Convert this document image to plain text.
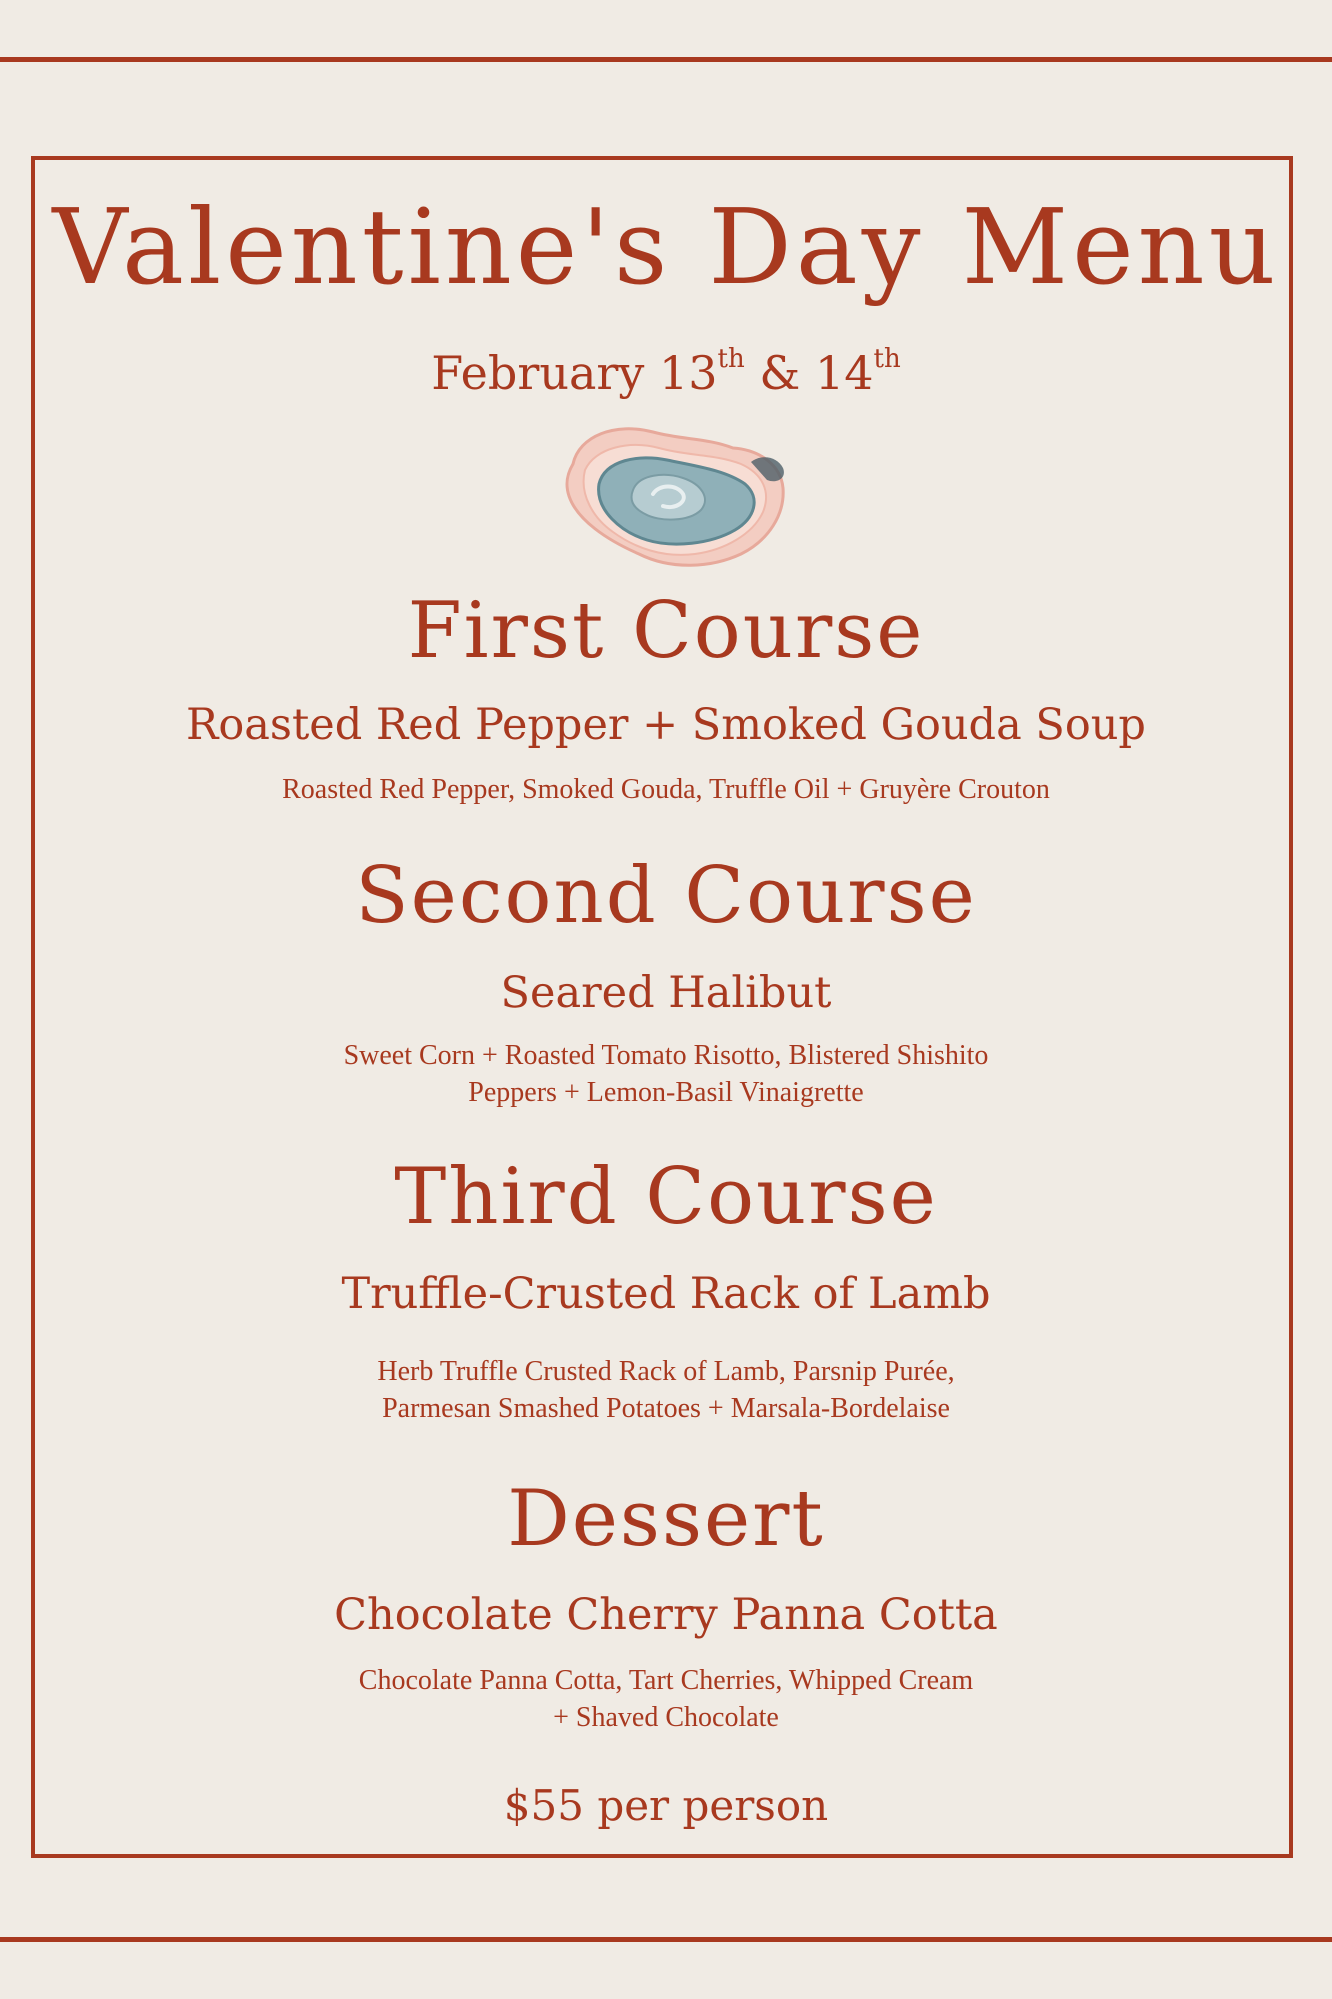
Valentine's Day Menu
February 13th & 14th
First Course
Roasted Red Pepper + Smoked Gouda Soup
Roasted Red Pepper, Smoked Gouda, Truffle Oil + Gruyère Crouton
Second Course
Seared Halibut
Sweet Corn + Roasted Tomato Risotto, Blistered Shishito
Peppers + Lemon-Basil Vinaigrette
Third Course
Truffle-Crusted Rack of Lamb
Herb Truffle Crusted Rack of Lamb, Parsnip Purée,
Parmesan Smashed Potatoes + Marsala-Bordelaise
Dessert
Chocolate Cherry Panna Cotta
Chocolate Panna Cotta, Tart Cherries, Whipped Cream
+ Shaved Chocolate
$55 per person
